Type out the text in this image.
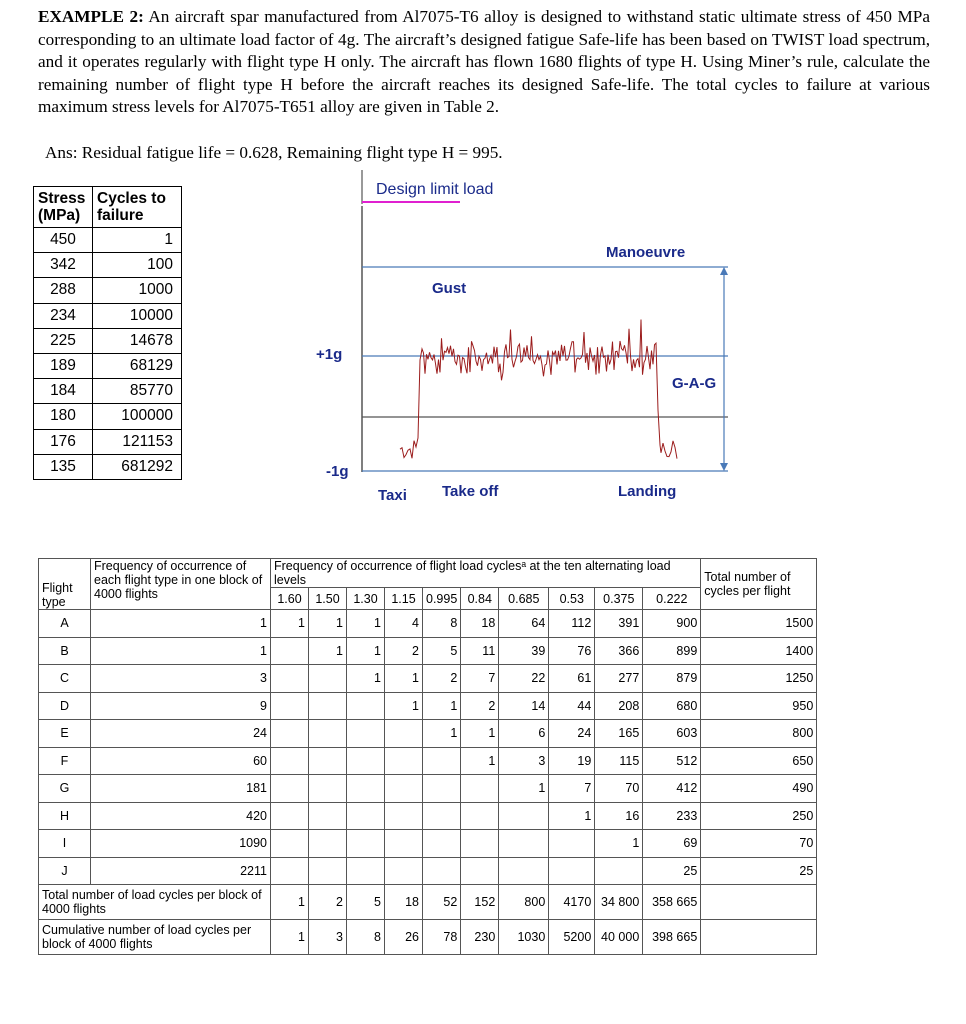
EXAMPLE 2: An aircraft spar manufactured from Al7075-T6 alloy is designed to withstand static ultimate stress of 450 MPa corresponding to an ultimate load factor of 4g. The aircraft’s designed fatigue Safe-life has been based on TWIST load spectrum, and it operates regularly with flight type H only. The aircraft has flown 1680 flights of type H. Using Miner’s rule, calculate the remaining number of flight type H before the aircraft reaches its designed Safe-life. The total cycles to failure at various maximum stress levels for Al7075-T651 alloy are given in Table 2.
Ans: Residual fatigue life = 0.628, Remaining flight type H = 995.
Stress (MPa)	Cycles to failure
450	1
342	100
288	1000
234	10000
225	14678
189	68129
184	85770
180	100000
176	121153
135	681292
Design limit load
Manoeuvre
Gust
+1g
G-A-G
-1g
Taxi Take off	Landing
Flight type	Frequency of occurrence of each flight type in one block of 4000 flights	Frequency of occurrence of flight load cyclesᵃ at the ten alternating load levels										Total number of cycles per flight
		1.60	1.50	1.30	1.15	0.995	0.84	0.685	0.53	0.375	0.222	
A	1	1	1	1	4	8	18	64	112	391	900	1500
B	1		1	1	2	5	11	39	76	366	899	1400
C	3			1	1	2	7	22	61	277	879	1250
D	9				1	1	2	14	44	208	680	950
E	24					1	1	6	24	165	603	800
F	60						1	3	19	115	512	650
G	181							1	7	70	412	490
H	420								1	16	233	250
I	1090									1	69	70
J	2211										25	25
Total number of load cycles per block of 4000 flights		1	2	5	18	52	152	800	4170	34 800	358 665	
Cumulative number of load cycles per block of 4000 flights		1	3	8	26	78	230	1030	5200	40 000	398 665	
